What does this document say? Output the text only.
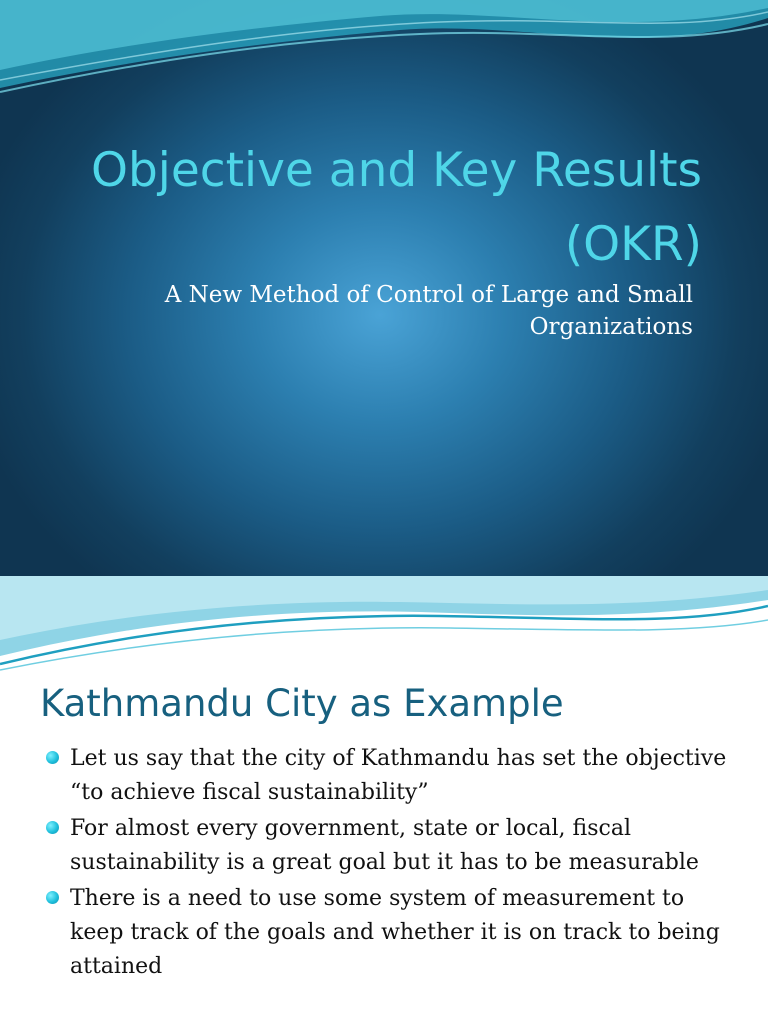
Objective and Key Results (OKR)

A New Method of Control of Large and Small Organizations

Kathmandu City as Example
Let us say that the city of Kathmandu has set the objective “to achieve fiscal sustainability”
For almost every government, state or local, fiscal sustainability is a great goal but it has to be measurable
There is a need to use some system of measurement to keep track of the goals and whether it is on track to being attained
